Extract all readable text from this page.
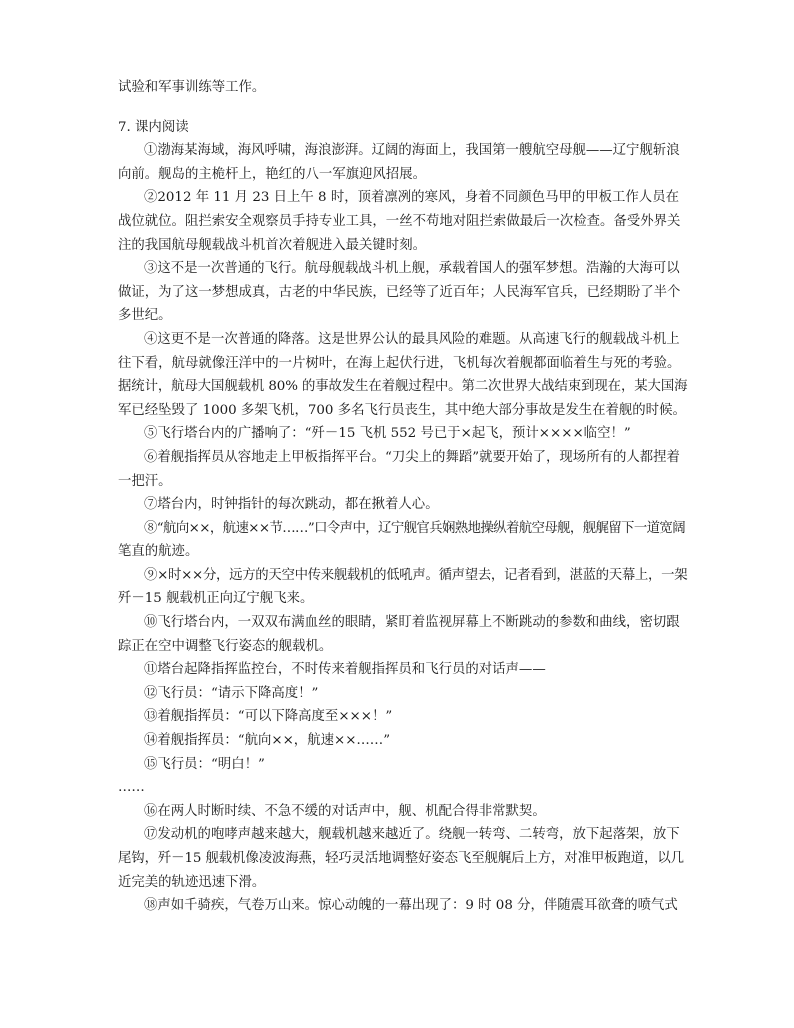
试验和军事训练等工作。
7. 课内阅读
①渤海某海域，海风呼啸，海浪澎湃。辽阔的海面上，我国第一艘航空母舰——辽宁舰斩浪
向前。舰岛的主桅杆上，艳红的八一军旗迎风招展。
②2012 年 11 月 23 日上午 8 时，顶着凛冽的寒风，身着不同颜色马甲的甲板工作人员在
战位就位。阻拦索安全观察员手持专业工具，一丝不苟地对阻拦索做最后一次检查。备受外界关
注的我国航母舰载战斗机首次着舰进入最关键时刻。
③这不是一次普通的飞行。航母舰载战斗机上舰，承载着国人的强军梦想。浩瀚的大海可以
做证，为了这一梦想成真，古老的中华民族，已经等了近百年；人民海军官兵，已经期盼了半个
多世纪。
④这更不是一次普通的降落。这是世界公认的最具风险的难题。从高速飞行的舰载战斗机上
往下看，航母就像汪洋中的一片树叶，在海上起伏行进，飞机每次着舰都面临着生与死的考验。
据统计，航母大国舰载机 80% 的事故发生在着舰过程中。第二次世界大战结束到现在，某大国海
军已经坠毁了 1000 多架飞机，700 多名飞行员丧生，其中绝大部分事故是发生在着舰的时候。
⑤飞行塔台内的广播响了：“歼－15 飞机 552 号已于×起飞，预计××××临空！”
⑥着舰指挥员从容地走上甲板指挥平台。“刀尖上的舞蹈”就要开始了，现场所有的人都捏着
一把汗。
⑦塔台内，时钟指针的每次跳动，都在揪着人心。
⑧“航向××，航速××节……”口令声中，辽宁舰官兵娴熟地操纵着航空母舰，舰艉留下一道宽阔
笔直的航迹。
⑨×时××分，远方的天空中传来舰载机的低吼声。循声望去，记者看到，湛蓝的天幕上，一架
歼－15 舰载机正向辽宁舰飞来。
⑩飞行塔台内，一双双布满血丝的眼睛，紧盯着监视屏幕上不断跳动的参数和曲线，密切跟
踪正在空中调整飞行姿态的舰载机。
⑪塔台起降指挥监控台，不时传来着舰指挥员和飞行员的对话声——
⑫飞行员：“请示下降高度！”
⑬着舰指挥员：“可以下降高度至×××！”
⑭着舰指挥员：“航向××，航速××……”
⑮飞行员：“明白！”
……
⑯在两人时断时续、不急不缓的对话声中，舰、机配合得非常默契。
⑰发动机的咆哮声越来越大，舰载机越来越近了。绕舰一转弯、二转弯，放下起落架，放下
尾钩，歼－15 舰载机像凌波海燕，轻巧灵活地调整好姿态飞至舰艉后上方，对准甲板跑道，以几
近完美的轨迹迅速下滑。
⑱声如千骑疾，气卷万山来。惊心动魄的一幕出现了：9 时 08 分，伴随震耳欲聋的喷气式
